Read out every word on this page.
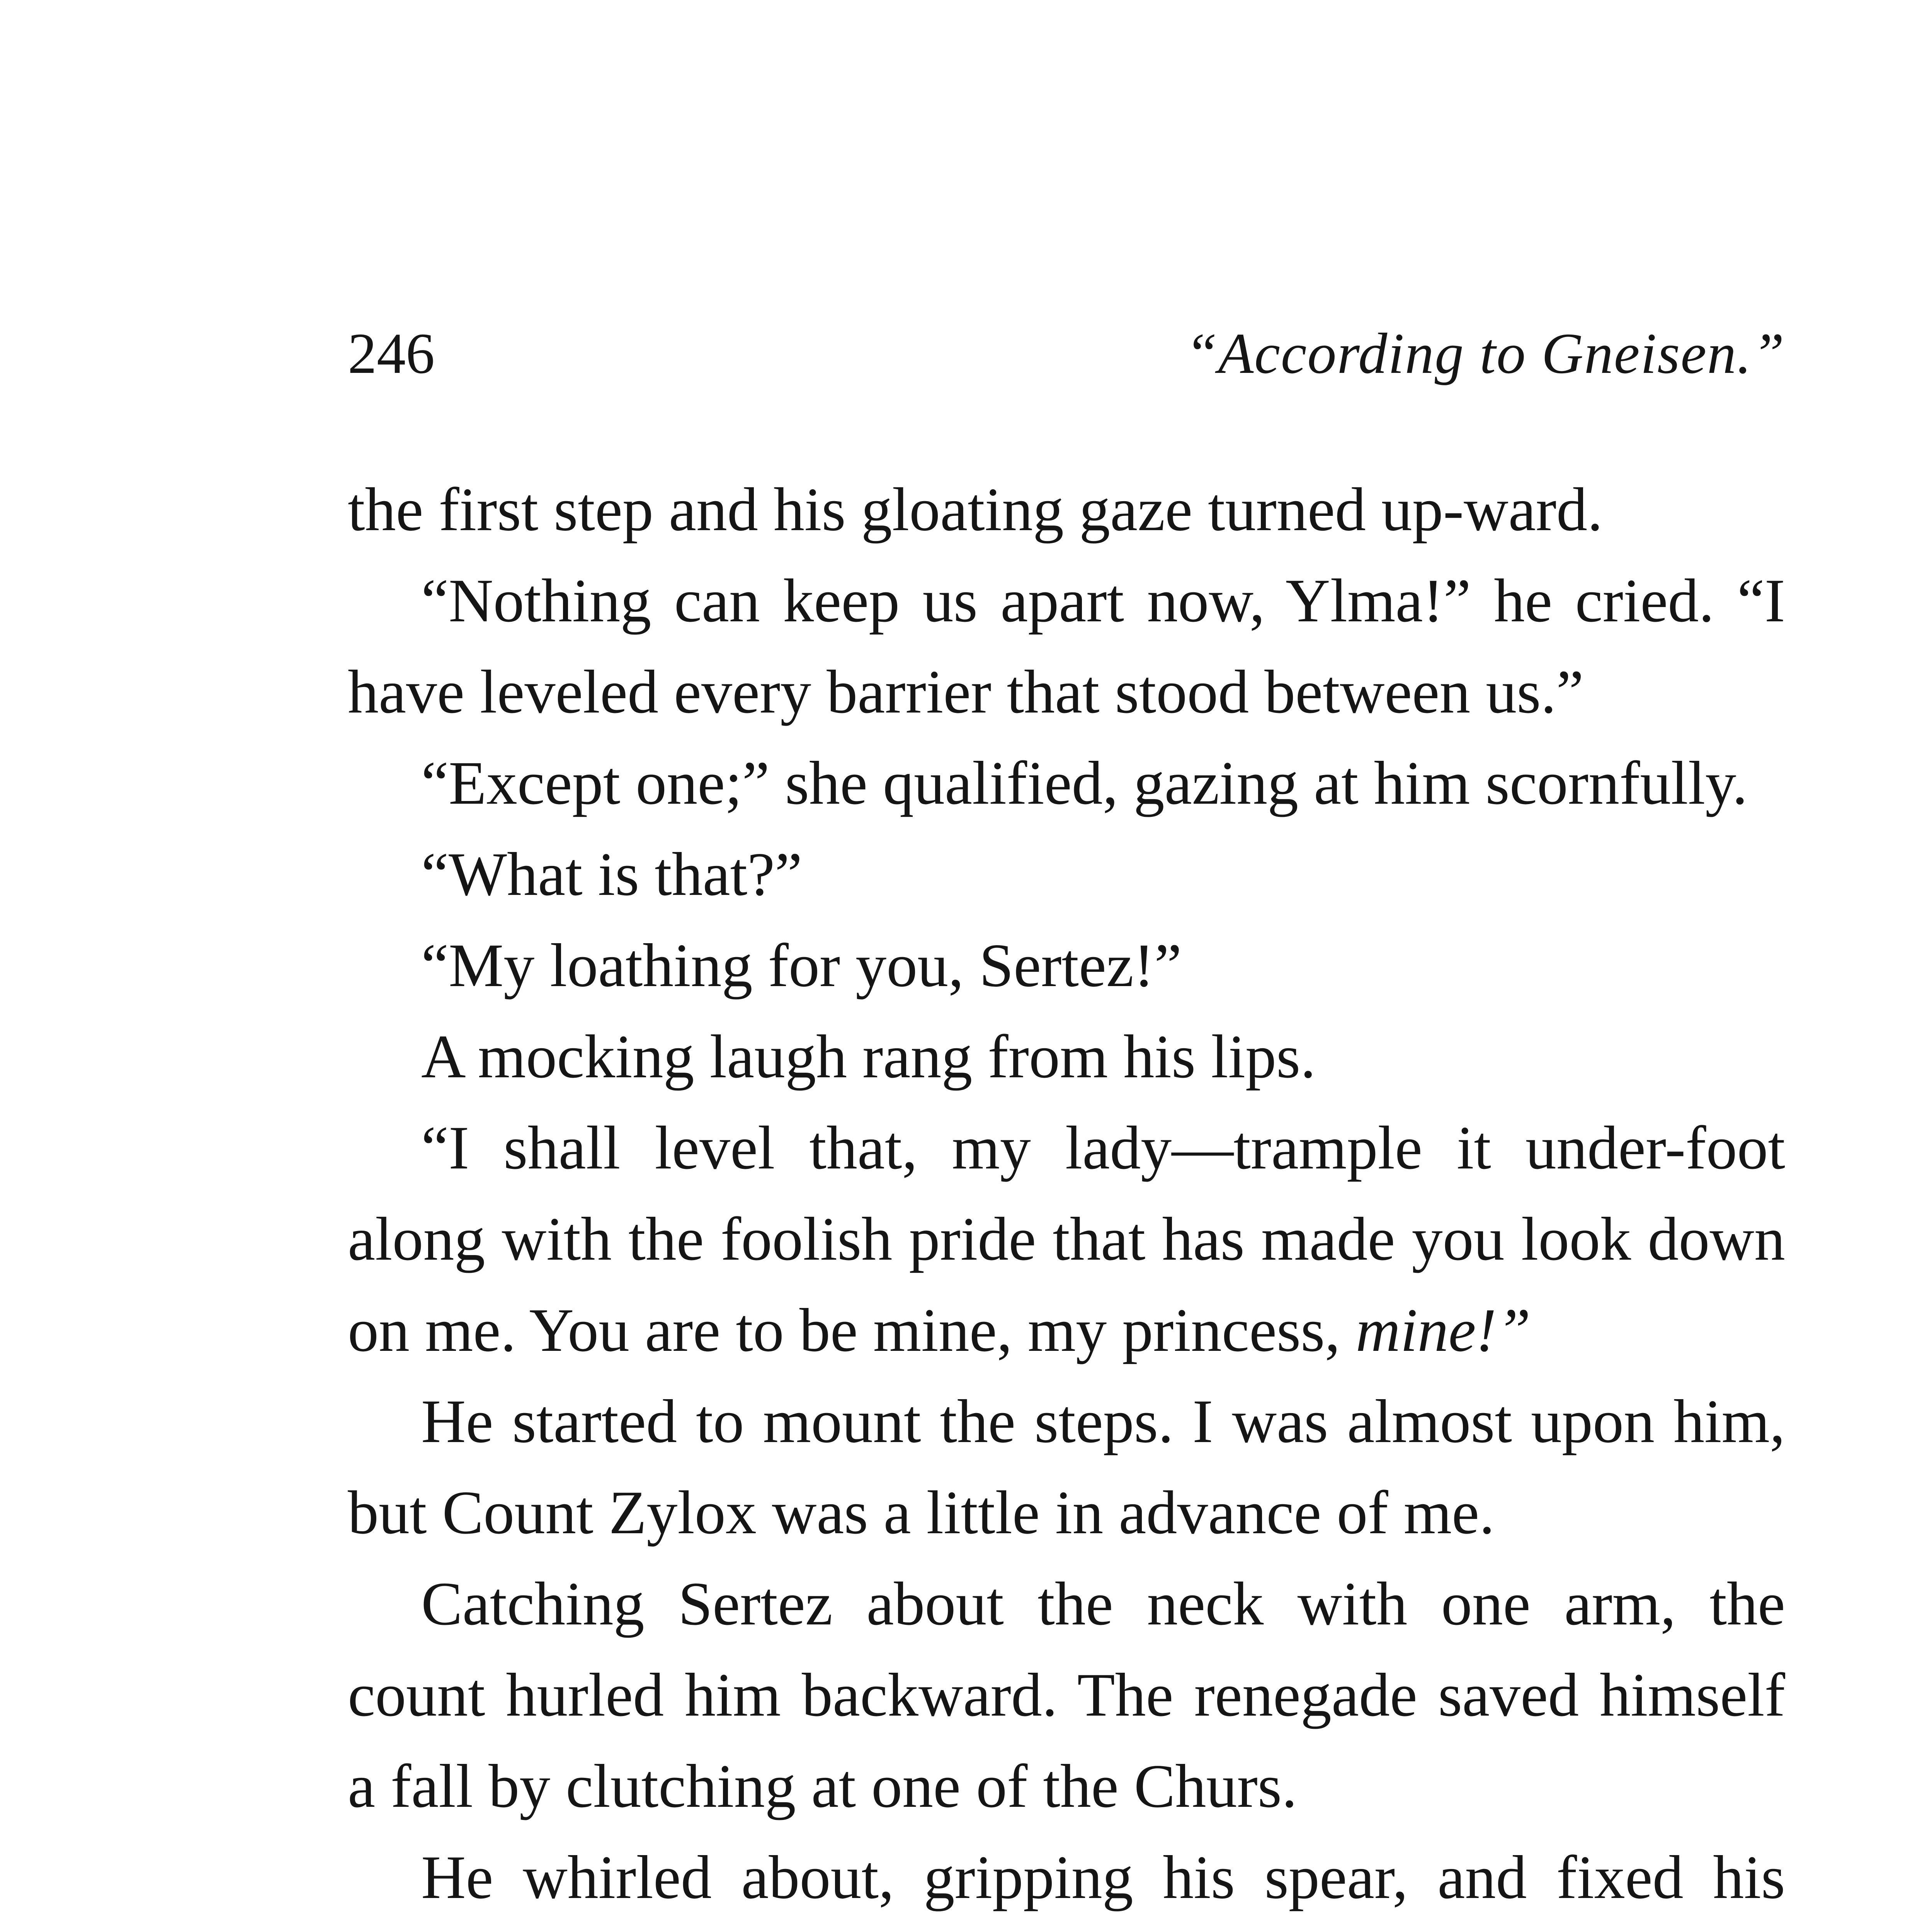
246	“According to Gneisen.”

the first step and his gloating gaze turned up-ward.

“Nothing can keep us apart now, Ylma!” he cried. “I have leveled every barrier that stood between us.”

“Except one;” she qualified, gazing at him scornfully.

“What is that?”

“My loathing for you, Sertez!”

A mocking laugh rang from his lips.

“I shall level that, my lady—trample it under-foot along with the foolish pride that has made you look down on me. You are to be mine, my princess, mine!”

He started to mount the steps. I was almost upon him, but Count Zylox was a little in advance of me.

Catching Sertez about the neck with one arm, the count hurled him backward. The renegade saved himself a fall by clutching at one of the Churs.

He whirled about, gripping his spear, and fixed his
